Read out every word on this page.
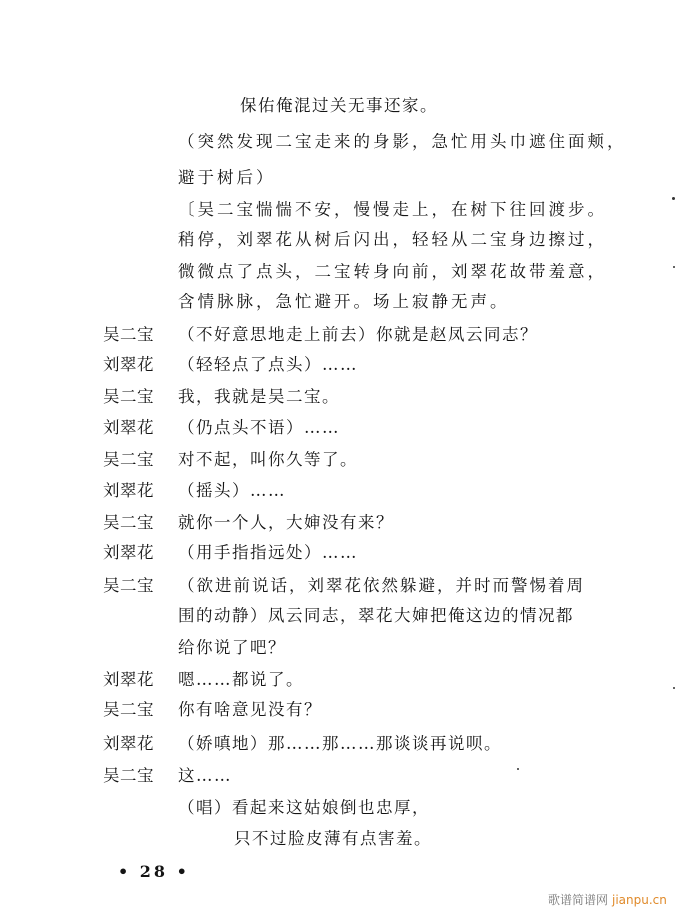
保佑俺混过关无事还家。
（突然发现二宝走来的身影，急忙用头巾遮住面颊，
避于树后）
〔吴二宝惴惴不安，慢慢走上，在树下往回渡步。
稍停，刘翠花从树后闪出，轻轻从二宝身边擦过，
微微点了点头，二宝转身向前，刘翠花故带羞意，
含情脉脉，急忙避开。场上寂静无声。
吴二宝 （不好意思地走上前去）你就是赵凤云同志？
刘翠花 （轻轻点了点头）……
吴二宝 我，我就是吴二宝。
刘翠花 （仍点头不语）……
吴二宝 对不起，叫你久等了。
刘翠花 （摇头）……
吴二宝 就你一个人，大婶没有来？
刘翠花 （用手指指远处）……
吴二宝 （欲进前说话，刘翠花依然躲避，并时而警惕着周
围的动静）凤云同志，翠花大婶把俺这边的情况都
给你说了吧？
刘翠花 嗯……都说了。
吴二宝 你有啥意见没有？
刘翠花 （娇嗔地）那……那……那谈谈再说呗。
吴二宝 这……
（唱）看起来这姑娘倒也忠厚，
只不过脸皮薄有点害羞。
• 28 •
歌谱简谱网 jianpu.cn
